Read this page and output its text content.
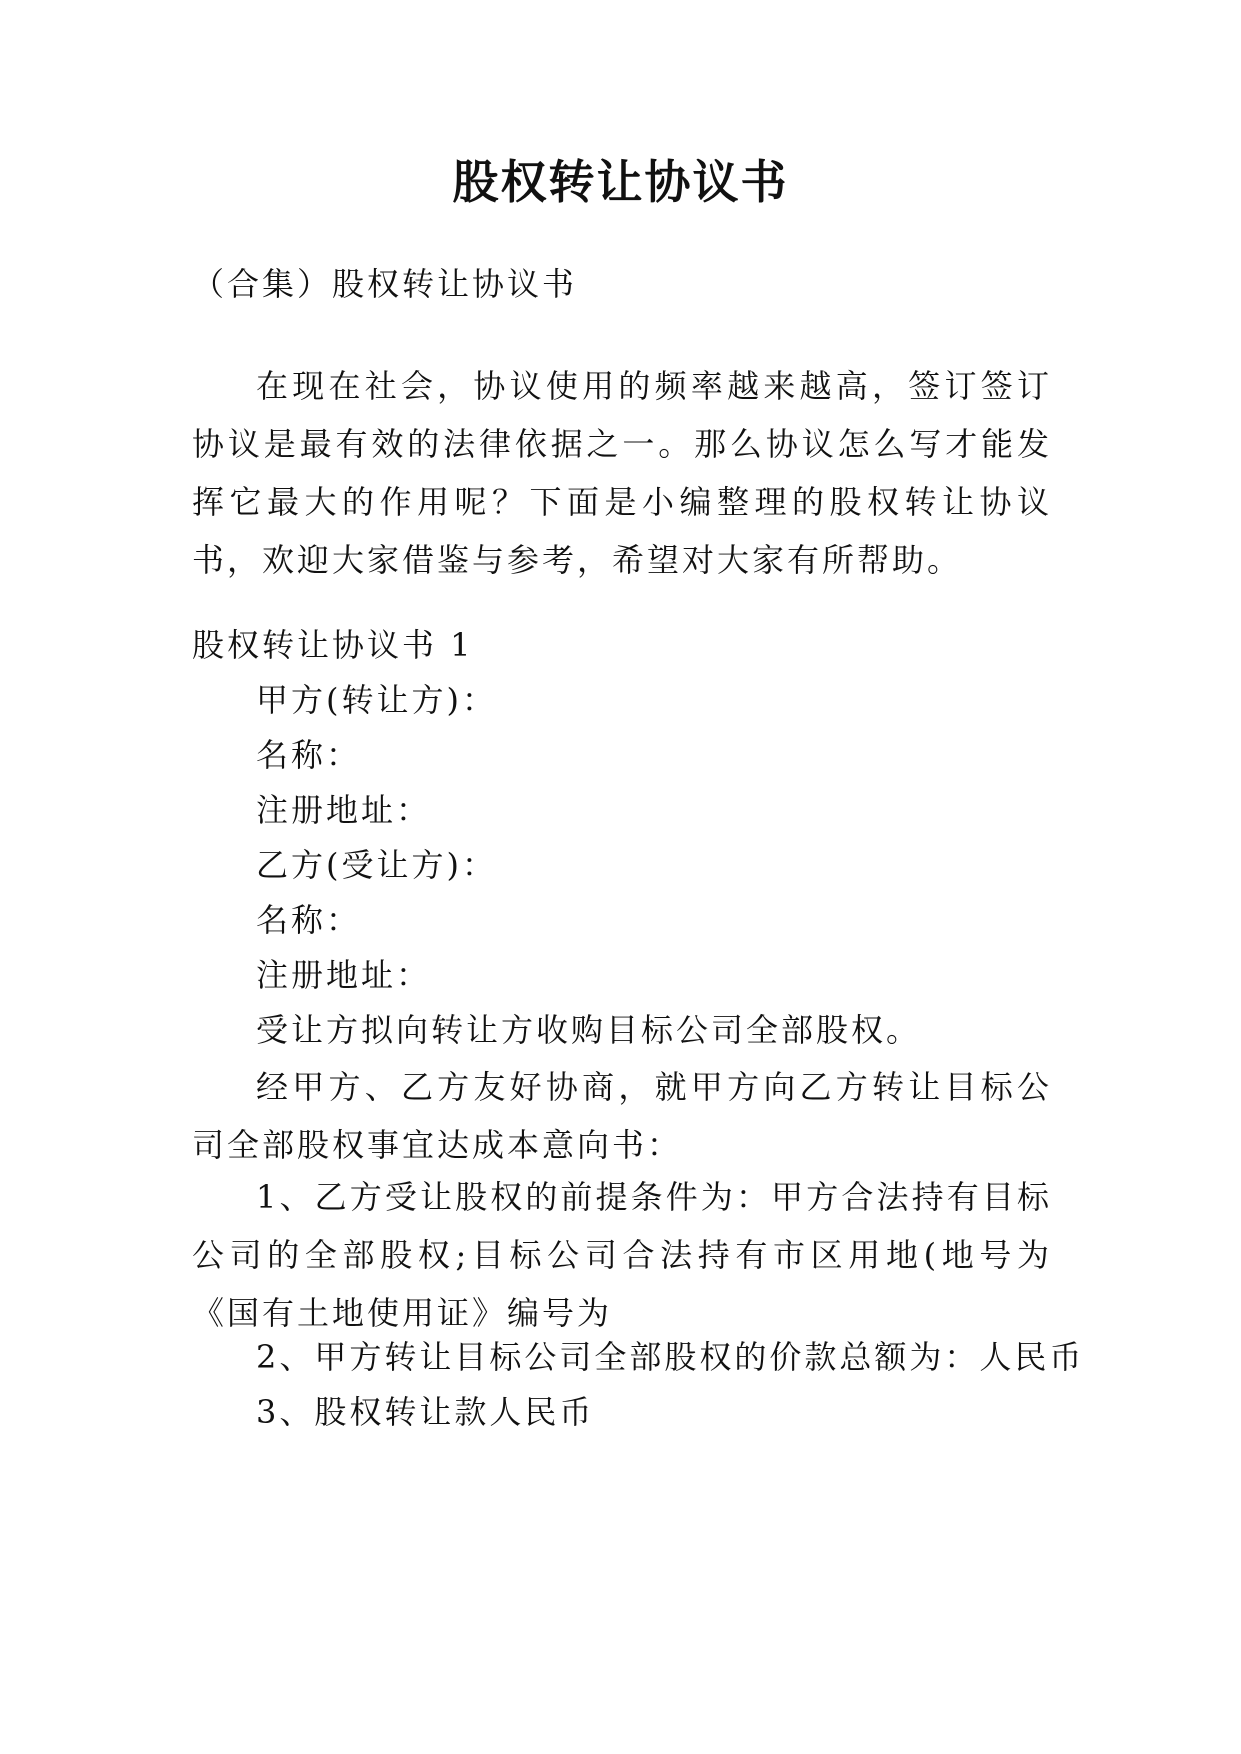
股权转让协议书
（合集）股权转让协议书
在现在社会，协议使用的频率越来越高，签订签订协议是最有效的法律依据之一。那么协议怎么写才能发挥它最大的作用呢？下面是小编整理的股权转让协议书，欢迎大家借鉴与参考，希望对大家有所帮助。
股权转让协议书 1
甲方(转让方)：
名称：
注册地址：
乙方(受让方)：
名称：
注册地址：
受让方拟向转让方收购目标公司全部股权。
经甲方、乙方友好协商，就甲方向乙方转让目标公司全部股权事宜达成本意向书：
1、乙方受让股权的前提条件为：甲方合法持有目标公司的全部股权;目标公司合法持有市区用地(地号为《国有土地使用证》编号为
2、甲方转让目标公司全部股权的价款总额为：人民币
3、股权转让款人民币
